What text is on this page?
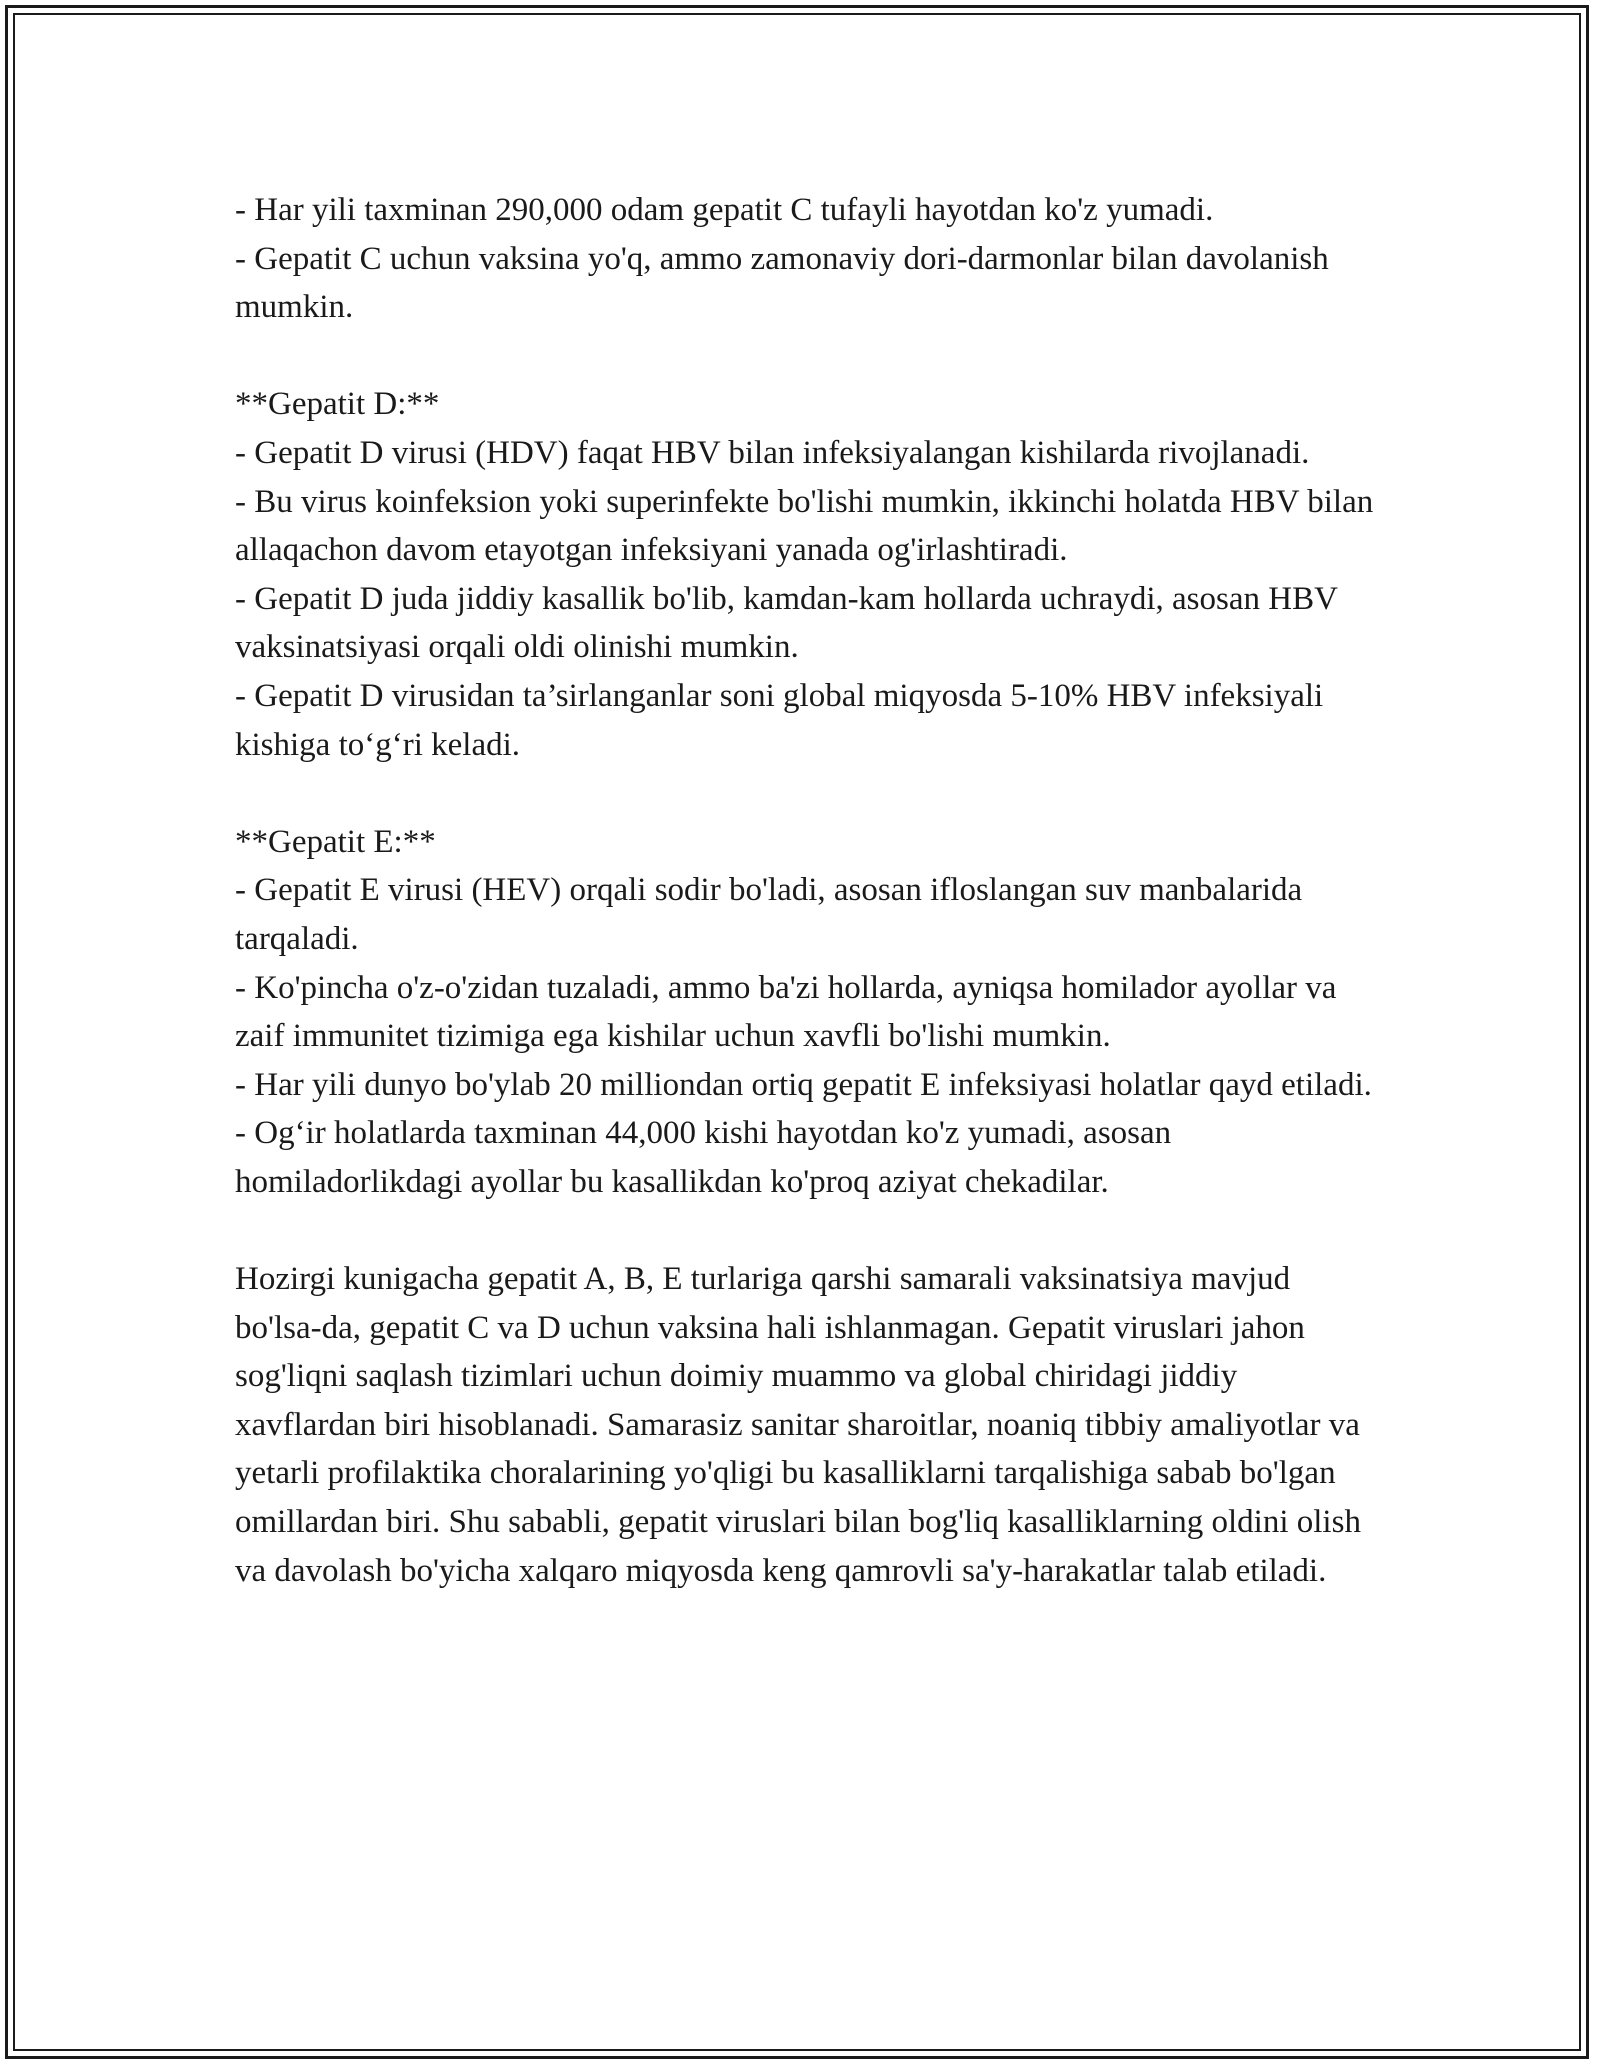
- Har yili taxminan 290,000 odam gepatit C tufayli hayotdan ko'z yumadi.

- Gepatit C uchun vaksina yo'q, ammo zamonaviy dori-darmonlar bilan davolanish mumkin.

**Gepatit D:**

- Gepatit D virusi (HDV) faqat HBV bilan infeksiyalangan kishilarda rivojlanadi.

- Bu virus koinfeksion yoki superinfekte bo'lishi mumkin, ikkinchi holatda HBV bilan allaqachon davom etayotgan infeksiyani yanada og'irlashtiradi.

- Gepatit D juda jiddiy kasallik bo'lib, kamdan-kam hollarda uchraydi, asosan HBV vaksinatsiyasi orqali oldi olinishi mumkin.

- Gepatit D virusidan ta’sirlanganlar soni global miqyosda 5-10% HBV infeksiyali kishiga to‘g‘ri keladi.

**Gepatit E:**

- Gepatit E virusi (HEV) orqali sodir bo'ladi, asosan ifloslangan suv manbalarida tarqaladi.

- Ko'pincha o'z-o'zidan tuzaladi, ammo ba'zi hollarda, ayniqsa homilador ayollar va zaif immunitet tizimiga ega kishilar uchun xavfli bo'lishi mumkin.

- Har yili dunyo bo'ylab 20 milliondan ortiq gepatit E infeksiyasi holatlar qayd etiladi.

- Og‘ir holatlarda taxminan 44,000 kishi hayotdan ko'z yumadi, asosan homiladorlikdagi ayollar bu kasallikdan ko'proq aziyat chekadilar.

Hozirgi kunigacha gepatit A, B, E turlariga qarshi samarali vaksinatsiya mavjud bo'lsa-da, gepatit C va D uchun vaksina hali ishlanmagan. Gepatit viruslari jahon sog'liqni saqlash tizimlari uchun doimiy muammo va global chiridagi jiddiy xavflardan biri hisoblanadi. Samarasiz sanitar sharoitlar, noaniq tibbiy amaliyotlar va yetarli profilaktika choralarining yo'qligi bu kasalliklarni tarqalishiga sabab bo'lgan omillardan biri. Shu sababli, gepatit viruslari bilan bog'liq kasalliklarning oldini olish va davolash bo'yicha xalqaro miqyosda keng qamrovli sa'y-harakatlar talab etiladi.
